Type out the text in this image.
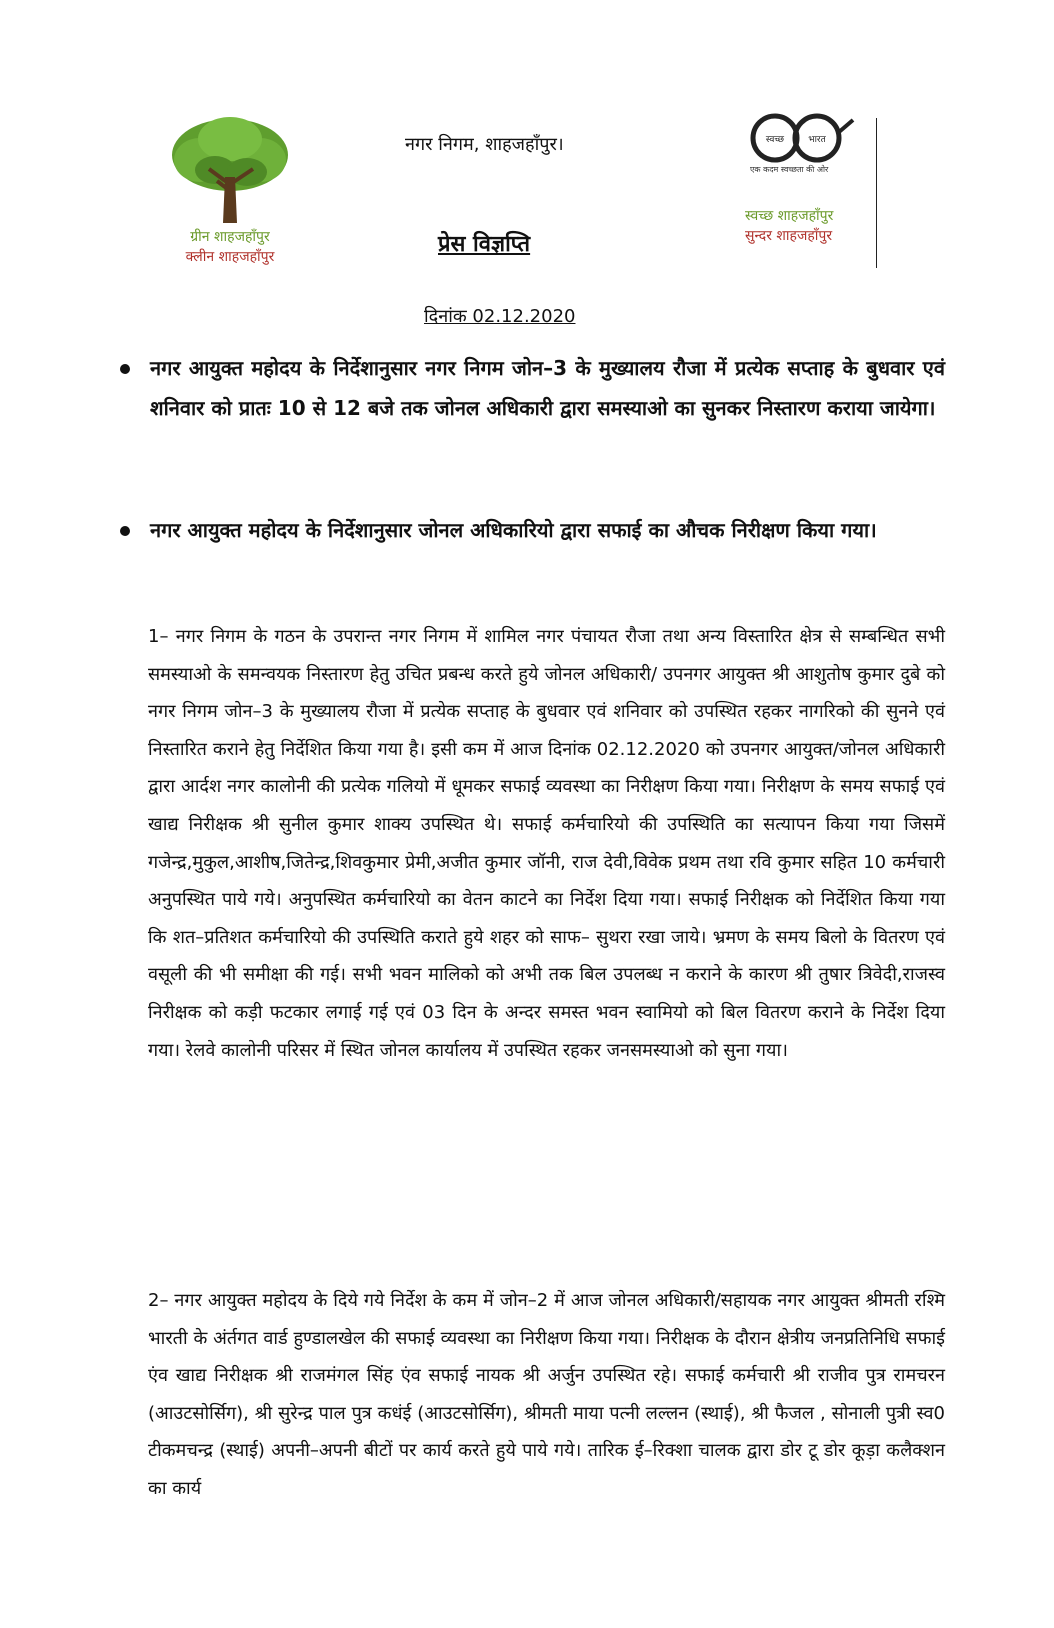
ग्रीन शाहजहाँपुर
क्लीन शाहजहाँपुर
नगर निगम, शाहजहाँपुर।
प्रेस विज्ञप्ति
दिनांक 02.12.2020
स्वच्छ	भारत
एक कदम स्वच्छता की ओर
स्वच्छ शाहजहाँपुर
सुन्दर शाहजहाँपुर
नगर आयुक्त महोदय के निर्देशानुसार नगर निगम जोन–3 के मुख्यालय रौजा में प्रत्येक सप्ताह के बुधवार एवं शनिवार को प्रातः 10 से 12 बजे तक जोनल अधिकारी द्वारा समस्याओ का सुनकर निस्तारण कराया जायेगा।
नगर आयुक्त महोदय के निर्देशानुसार जोनल अधिकारियो द्वारा सफाई का औचक निरीक्षण किया गया।
1– नगर निगम के गठन के उपरान्त नगर निगम में शामिल नगर पंचायत रौजा तथा अन्य विस्तारित क्षेत्र से सम्बन्धित सभी समस्याओ के समन्वयक निस्तारण हेतु उचित प्रबन्ध करते हुये जोनल अधिकारी/ उपनगर आयुक्त श्री आशुतोष कुमार दुबे को नगर निगम जोन–3 के मुख्यालय रौजा में प्रत्येक सप्ताह के बुधवार एवं शनिवार को उपस्थित रहकर नागरिको की सुनने एवं निस्तारित कराने हेतु निर्देशित किया गया है। इसी कम में आज दिनांक 02.12.2020 को उपनगर आयुक्त/जोनल अधिकारी द्वारा आर्दश नगर कालोनी की प्रत्येक गलियो में धूमकर सफाई व्यवस्था का निरीक्षण किया गया। निरीक्षण के समय सफाई एवं खाद्य निरीक्षक श्री सुनील कुमार शाक्य उपस्थित थे। सफाई कर्मचारियो की उपस्थिति का सत्यापन किया गया जिसमें गजेन्द्र,मुकुल,आशीष,जितेन्द्र,शिवकुमार प्रेमी,अजीत कुमार जॉनी, राज देवी,विवेक प्रथम तथा रवि कुमार सहित 10 कर्मचारी अनुपस्थित पाये गये। अनुपस्थित कर्मचारियो का वेतन काटने का निर्देश दिया गया। सफाई निरीक्षक को निर्देशित किया गया कि शत–प्रतिशत कर्मचारियो की उपस्थिति कराते हुये शहर को साफ– सुथरा रखा जाये। भ्रमण के समय बिलो के वितरण एवं वसूली की भी समीक्षा की गई। सभी भवन मालिको को अभी तक बिल उपलब्ध न कराने के कारण श्री तुषार त्रिवेदी,राजस्व निरीक्षक को कड़ी फटकार लगाई गई एवं 03 दिन के अन्दर समस्त भवन स्वामियो को बिल वितरण कराने के निर्देश दिया गया। रेलवे कालोनी परिसर में स्थित जोनल कार्यालय में उपस्थित रहकर जनसमस्याओ को सुना गया।
2– नगर आयुक्त महोदय के दिये गये निर्देश के कम में जोन–2 में आज जोनल अधिकारी/सहायक नगर आयुक्त श्रीमती रश्मि भारती के अंर्तगत वार्ड हुण्डालखेल की सफाई व्यवस्था का निरीक्षण किया गया। निरीक्षक के दौरान क्षेत्रीय जनप्रतिनिधि सफाई एंव खाद्य निरीक्षक श्री राजमंगल सिंह एंव सफाई नायक श्री अर्जुन उपस्थित रहे। सफाई कर्मचारी श्री राजीव पुत्र रामचरन (आउटसोर्सिग), श्री सुरेन्द्र पाल पुत्र कधंई (आउटसोर्सिग), श्रीमती माया पत्नी लल्लन (स्थाई), श्री फैजल , सोनाली पुत्री स्व0 टीकमचन्द्र (स्थाई) अपनी–अपनी बीटों पर कार्य करते हुये पाये गये। तारिक ई–रिक्शा चालक द्वारा डोर टू डोर कूड़ा कलैक्शन का कार्य
